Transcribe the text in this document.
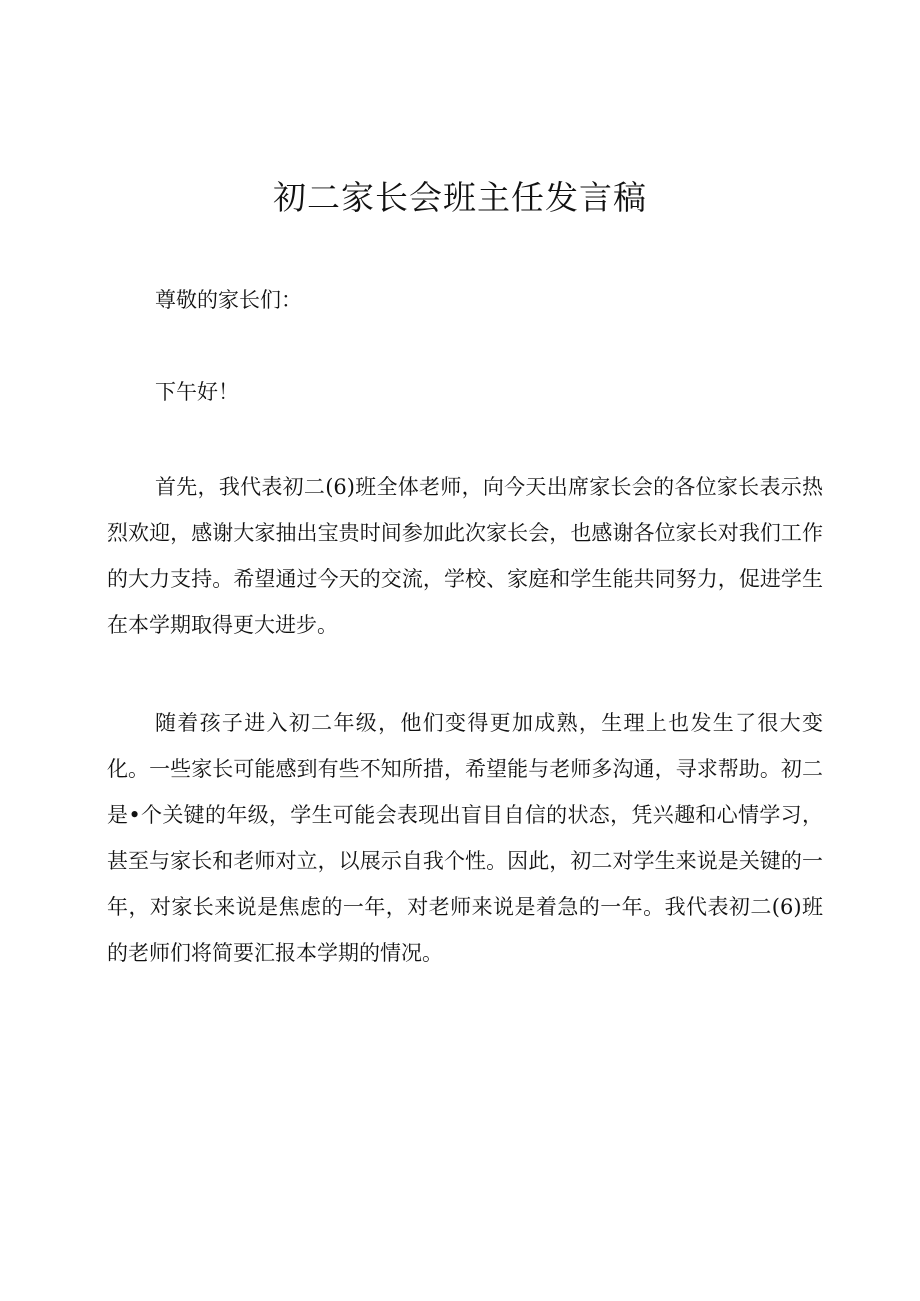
初二家长会班主任发言稿

尊敬的家长们：

下午好！

首先，我代表初二(6)班全体老师，向今天出席家长会的各位家长表示热烈欢迎，感谢大家抽出宝贵时间参加此次家长会，也感谢各位家长对我们工作的大力支持。希望通过今天的交流，学校、家庭和学生能共同努力，促进学生在本学期取得更大进步。

随着孩子进入初二年级，他们变得更加成熟，生理上也发生了很大变化。一些家长可能感到有些不知所措，希望能与老师多沟通，寻求帮助。初二是•个关键的年级，学生可能会表现出盲目自信的状态，凭兴趣和心情学习，甚至与家长和老师对立，以展示自我个性。因此，初二对学生来说是关键的一年，对家长来说是焦虑的一年，对老师来说是着急的一年。我代表初二(6)班的老师们将简要汇报本学期的情况。
